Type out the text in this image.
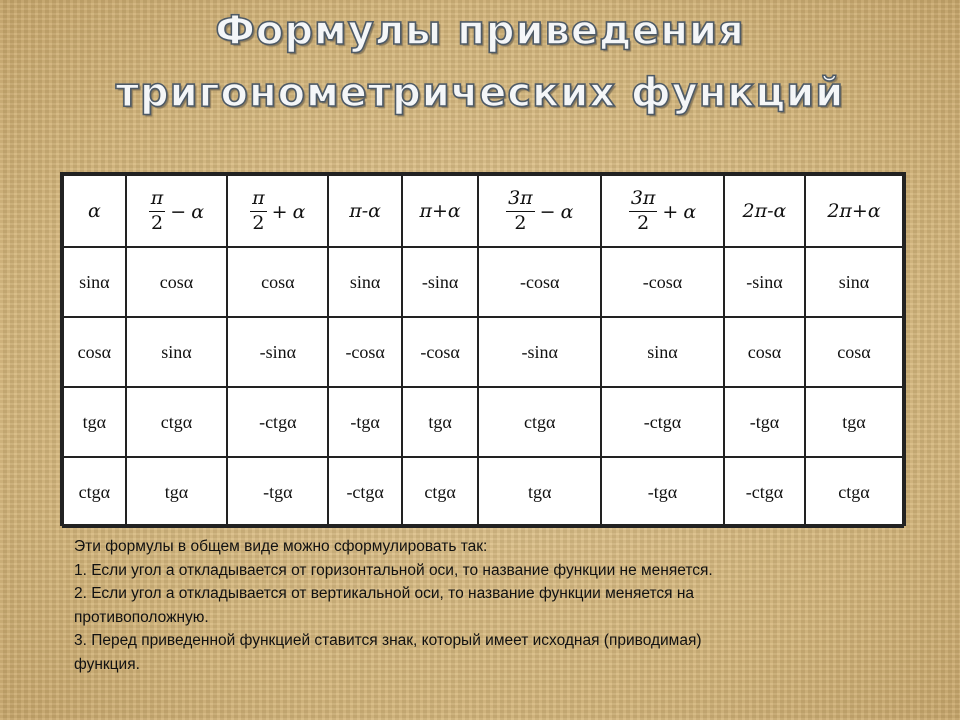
Формулы приведения
тригонометрических функций
α	$\frac{\pi}{2} - \alpha$	$\frac{\pi}{2} + \alpha$	π-α	π+α	$\frac{3\pi}{2} - \alpha$	$\frac{3\pi}{2} + \alpha$	2π-α	2π+α
sinα	cosα	cosα	sinα	-sinα	-cosα	-cosα	-sinα	sinα
cosα	sinα	-sinα	-cosα	-cosα	-sinα	sinα	cosα	cosα
tgα	ctgα	-ctgα	-tgα	tgα	ctgα	-ctgα	-tgα	tgα
ctgα	tgα	-tgα	-ctgα	ctgα	tgα	-tgα	-ctgα	ctgα
Эти формулы в общем виде можно сформулировать так:
1. Если угол а откладывается от горизонтальной оси, то название функции не меняется.
2. Если угол а откладывается от вертикальной оси, то название функции меняется на
противоположную.
3. Перед приведенной функцией ставится знак, который имеет исходная (приводимая)
функция.
